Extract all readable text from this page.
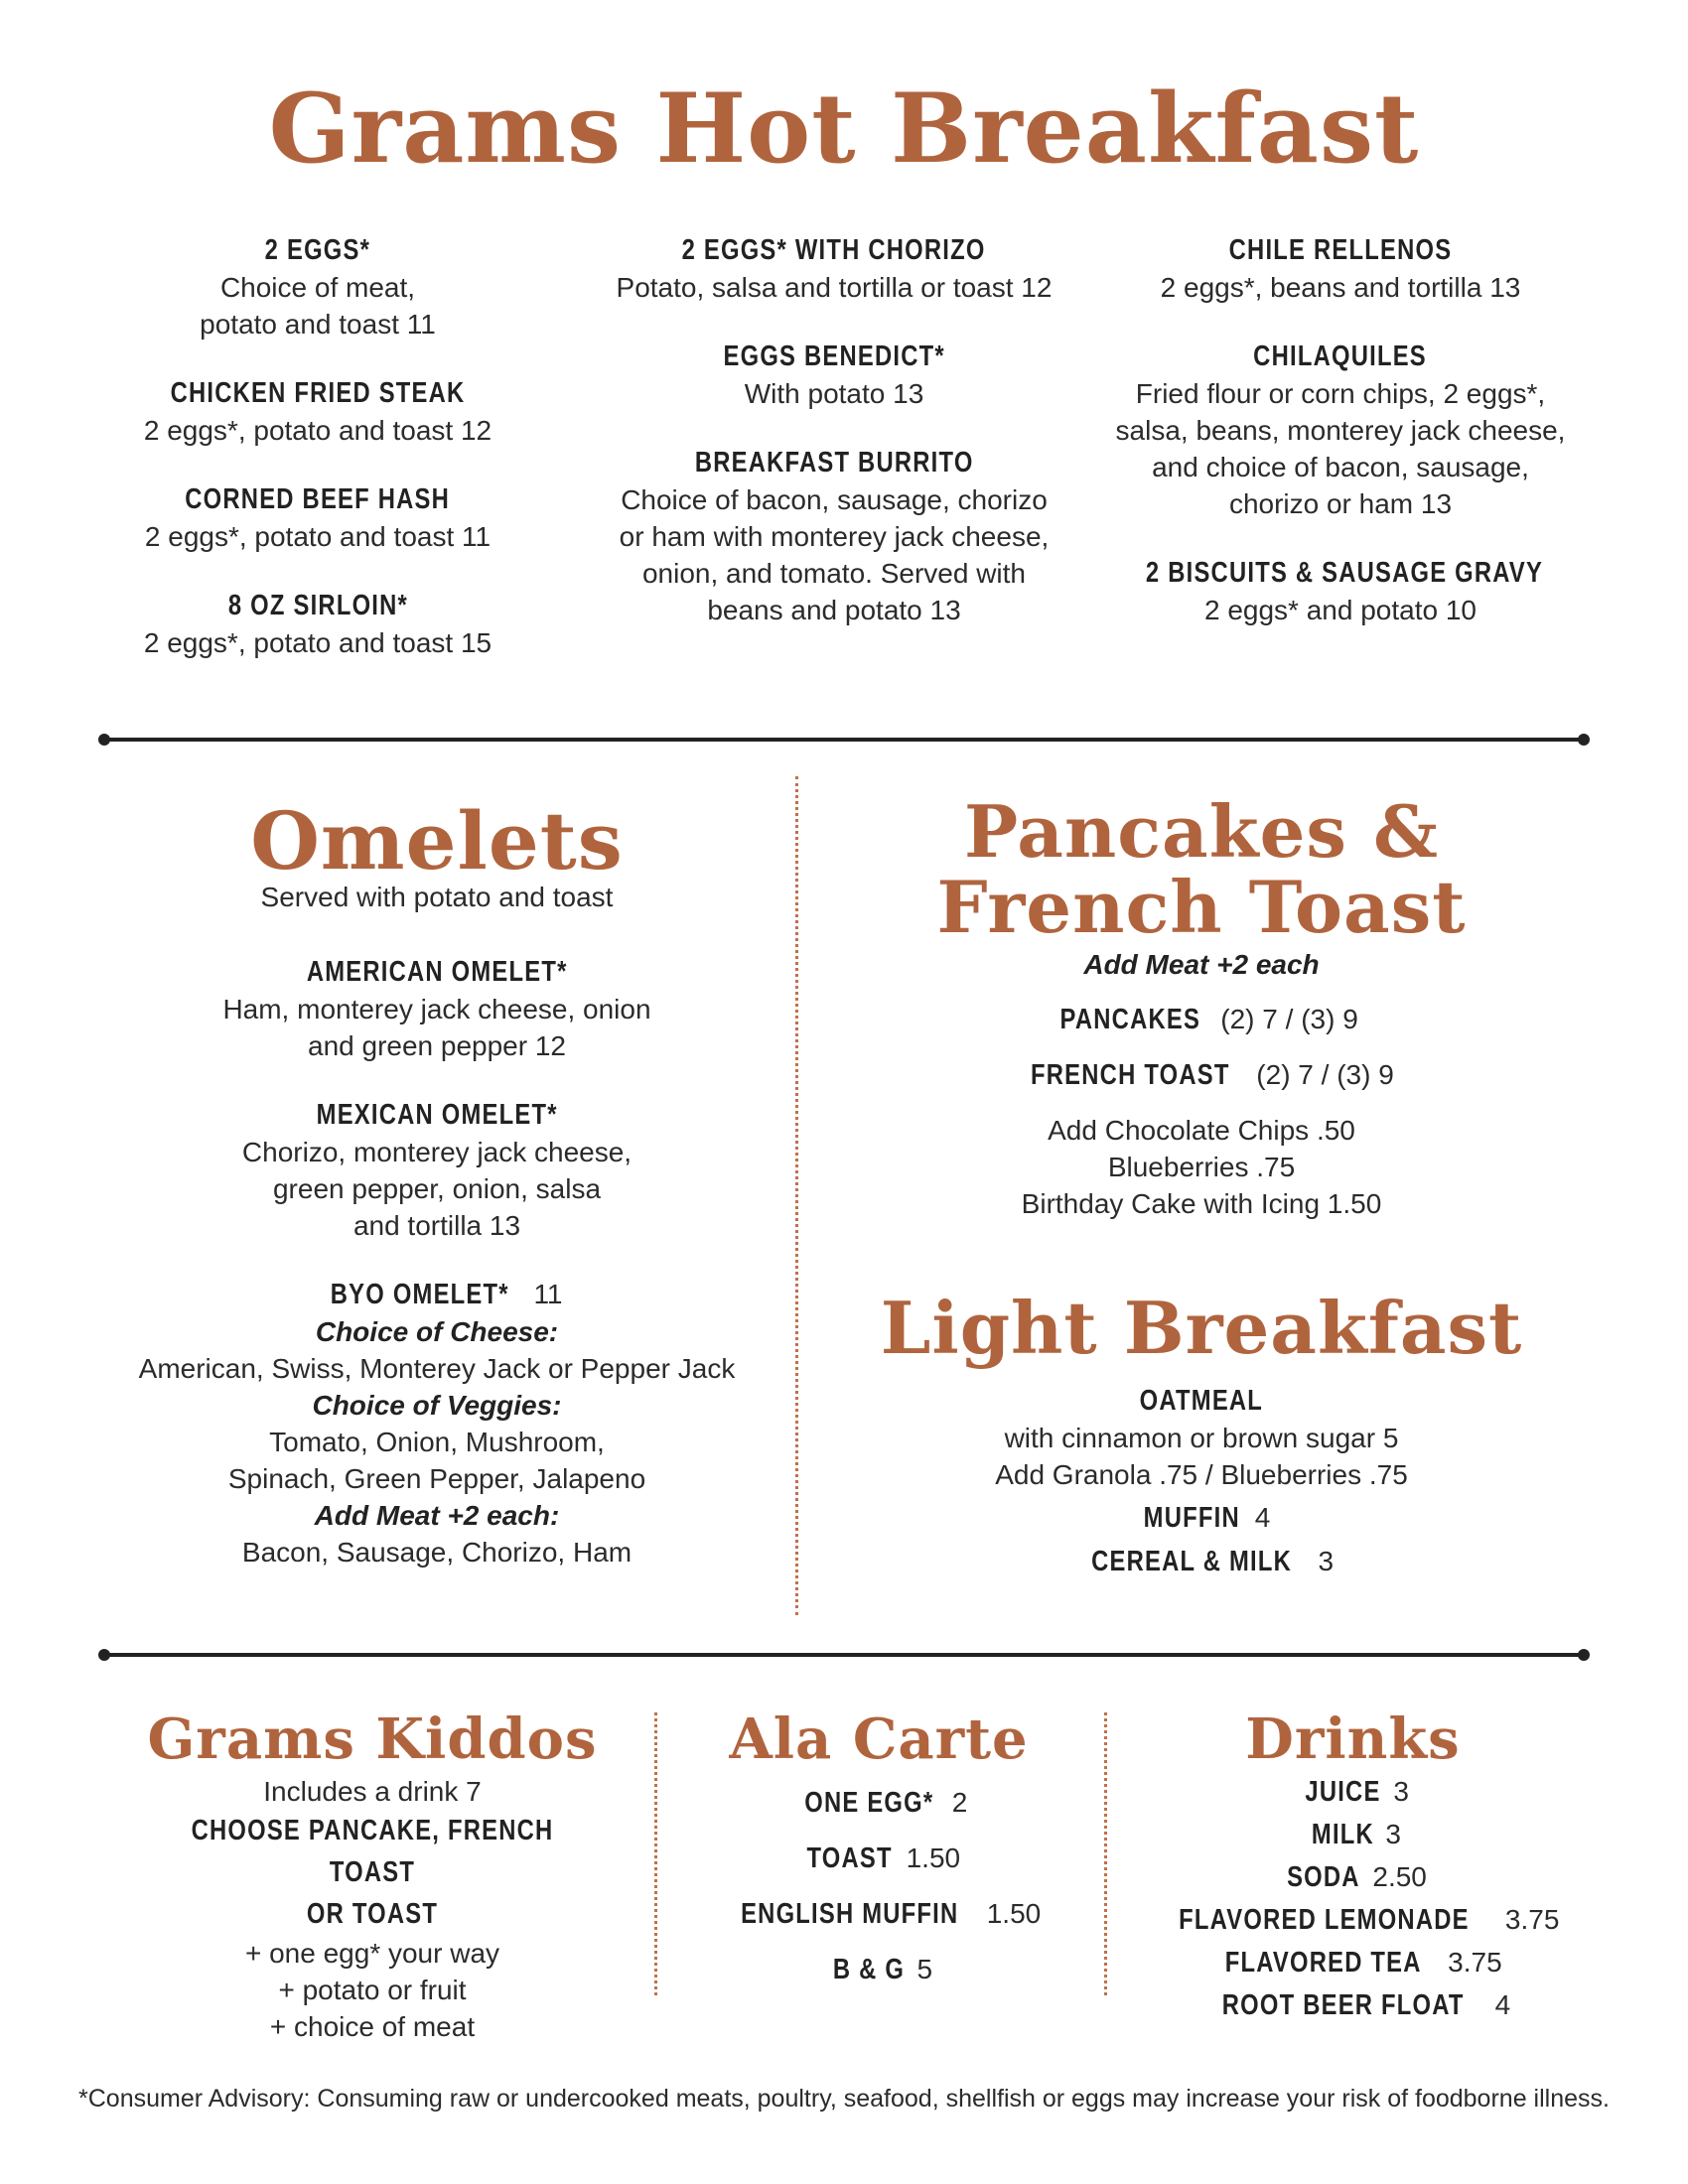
Grams Hot Breakfast
2 EGGS*
Choice of meat,
potato and toast 11
CHICKEN FRIED STEAK
2 eggs*, potato and toast 12
CORNED BEEF HASH
2 eggs*, potato and toast 11
8 OZ SIRLOIN*
2 eggs*, potato and toast 15
2 EGGS* WITH CHORIZO
Potato, salsa and tortilla or toast 12
EGGS BENEDICT*
With potato 13
BREAKFAST BURRITO
Choice of bacon, sausage, chorizo
or ham with monterey jack cheese,
onion, and tomato. Served with
beans and potato 13
CHILE RELLENOS
2 eggs*, beans and tortilla 13
CHILAQUILES
Fried flour or corn chips, 2 eggs*,
salsa, beans, monterey jack cheese,
and choice of bacon, sausage,
chorizo or ham 13
2 BISCUITS & SAUSAGE GRAVY
2 eggs* and potato 10
Omelets
Served with potato and toast
AMERICAN OMELET*
Ham, monterey jack cheese, onion
and green pepper 12
MEXICAN OMELET*
Chorizo, monterey jack cheese,
green pepper, onion, salsa
and tortilla 13
BYO OMELET* 11
Choice of Cheese:
American, Swiss, Monterey Jack or Pepper Jack
Choice of Veggies:
Tomato, Onion, Mushroom,
Spinach, Green Pepper, Jalapeno
Add Meat +2 each:
Bacon, Sausage, Chorizo, Ham
Pancakes &
French Toast
Add Meat +2 each
PANCAKES (2) 7 / (3) 9
FRENCH TOAST (2) 7 / (3) 9
Add Chocolate Chips .50
Blueberries .75
Birthday Cake with Icing 1.50
Light Breakfast
OATMEAL
with cinnamon or brown sugar 5
Add Granola .75 / Blueberries .75
MUFFIN 4
CEREAL & MILK 3
Grams Kiddos
Includes a drink 7
CHOOSE PANCAKE, FRENCH TOAST
OR TOAST
+ one egg* your way
+ potato or fruit
+ choice of meat
Ala Carte
ONE EGG* 2
TOAST 1.50
ENGLISH MUFFIN 1.50
B & G 5
Drinks
JUICE 3
MILK 3
SODA 2.50
FLAVORED LEMONADE 3.75
FLAVORED TEA 3.75
ROOT BEER FLOAT 4
*Consumer Advisory: Consuming raw or undercooked meats, poultry, seafood, shellfish or eggs may increase your risk of foodborne illness.
